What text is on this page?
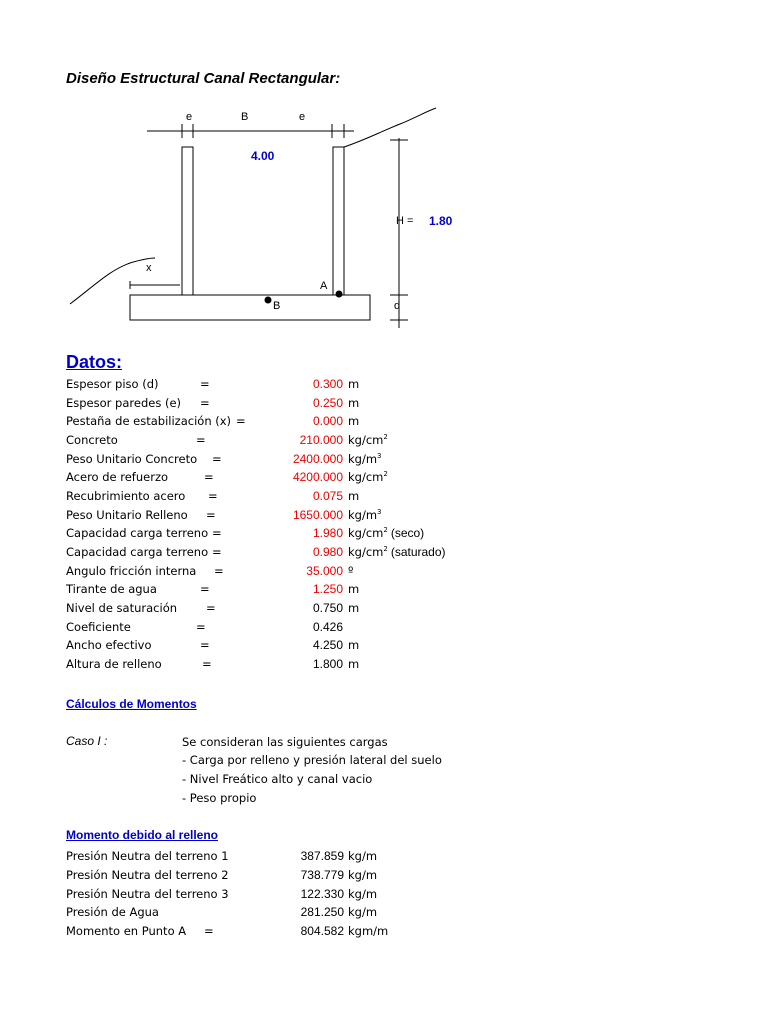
Diseño Estructural Canal Rectangular:
e	B	e
4.00
H = 1.80
x
A
B	d
Datos:
Espesor piso (d)	=	0.300 m
Espesor paredes (e)	=	0.250 m
Pestaña de estabilización (x) =	0.000 m
Concreto	=	210.000 $kg/cm^2$
Peso Unitario Concreto	=	2400.000 $kg/m^3$
Acero de refuerzo	=	4200.000 $kg/cm^2$
Recubrimiento acero	=	0.075 m
Peso Unitario Relleno	=	1650.000 $kg/m^3$
Capacidad carga terreno =	1.980 $kg/cm^2$ (seco)
Capacidad carga terreno =	0.980 $kg/cm^2$ (saturado)
Angulo fricción interna	=	35.000 º
Tirante de agua	=	1.250 m
Nivel de saturación	=	0.750 m
Coeficiente	=	0.426
Ancho efectivo	=	4.250 m
Altura de relleno	=	1.800 m
Cálculos de Momentos
Caso I :	Se consideran las siguientes cargas
- Carga por relleno y presión lateral del suelo
- Nivel Freático alto y canal vacio
- Peso propio
Momento debido al relleno
Presión Neutra del terreno 1	387.859 kg/m
Presión Neutra del terreno 2	738.779 kg/m
Presión Neutra del terreno 3	122.330 kg/m
Presión de Agua	281.250 kg/m
Momento en Punto A	=	804.582 kgm/m
